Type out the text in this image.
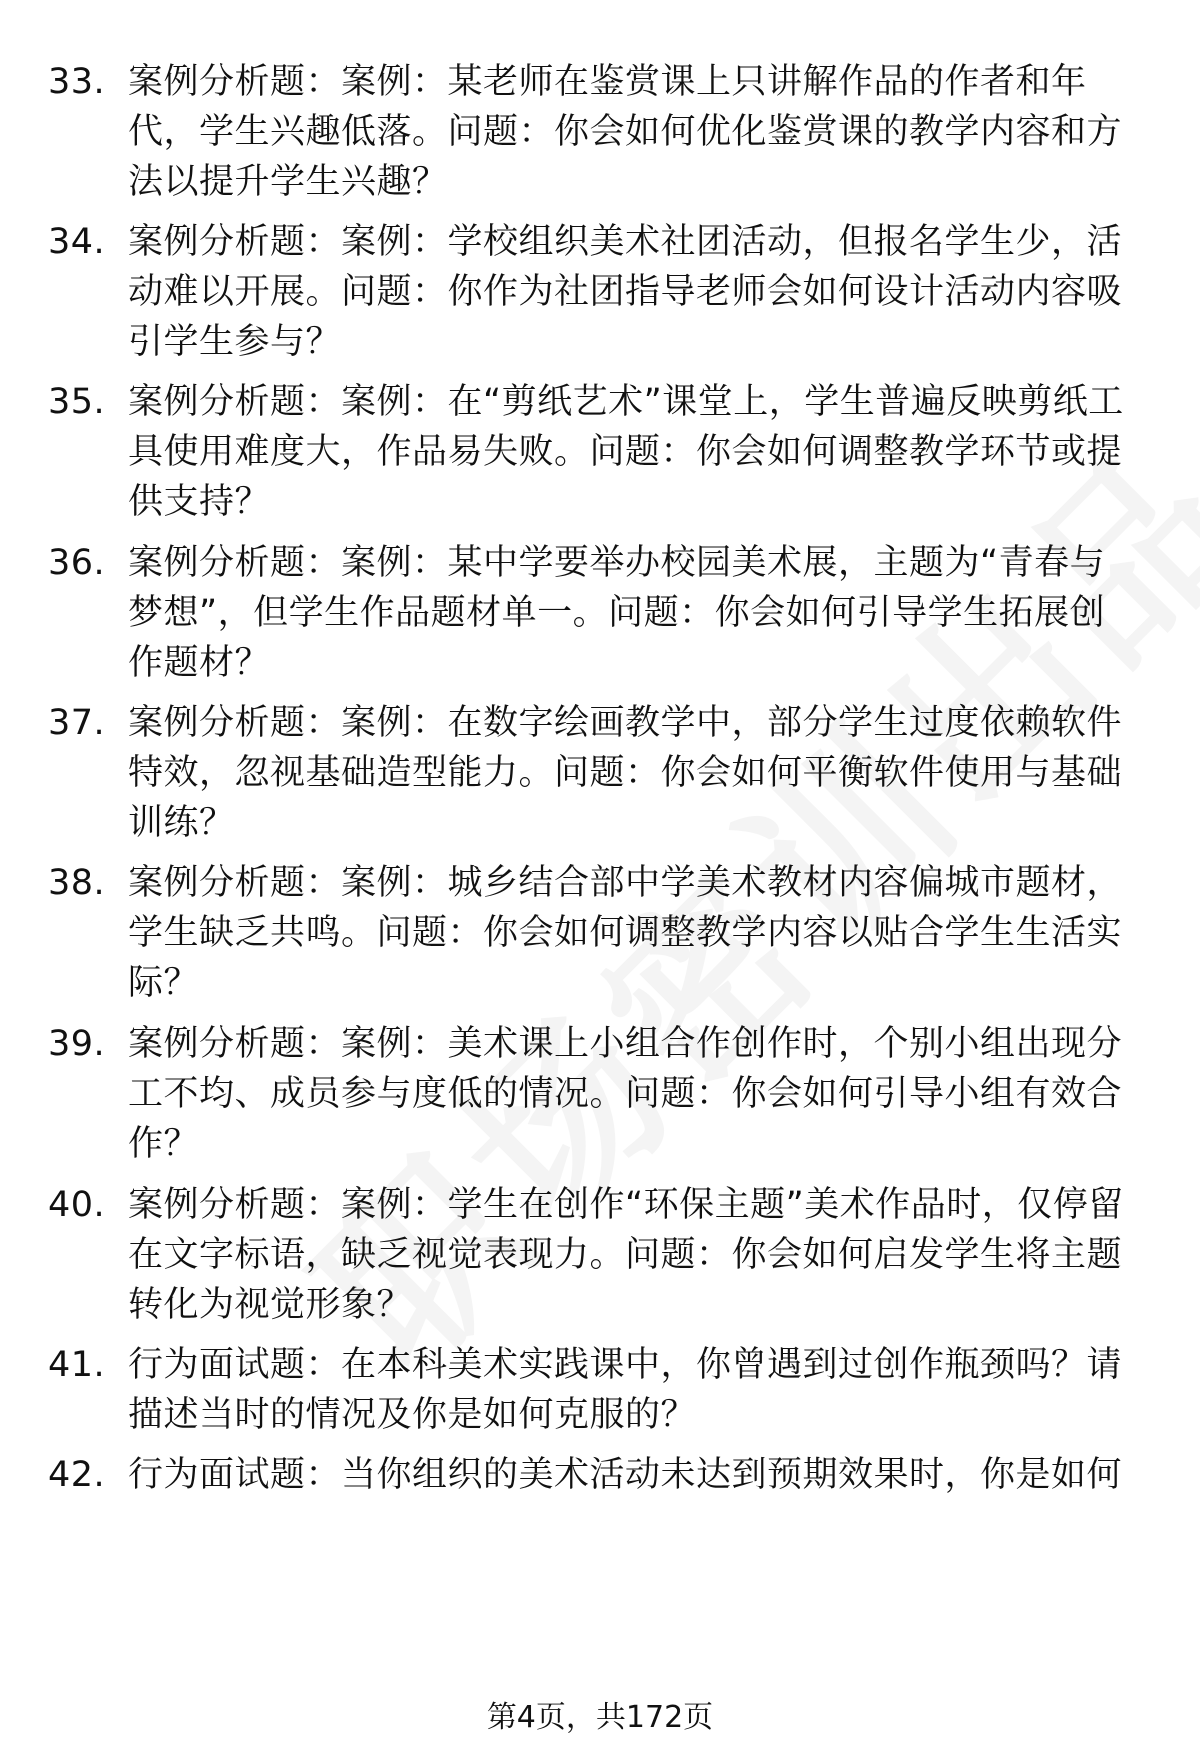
33. 案例分析题：案例：某老师在鉴赏课上只讲解作品的作者和年代，学生兴趣低落。问题：你会如何优化鉴赏课的教学内容和方法以提升学生兴趣？
34. 案例分析题：案例：学校组织美术社团活动，但报名学生少，活动难以开展。问题：你作为社团指导老师会如何设计活动内容吸引学生参与？
35. 案例分析题：案例：在“剪纸艺术”课堂上，学生普遍反映剪纸工具使用难度大，作品易失败。问题：你会如何调整教学环节或提供支持？
36. 案例分析题：案例：某中学要举办校园美术展，主题为“青春与梦想”，但学生作品题材单一。问题：你会如何引导学生拓展创作题材？
37. 案例分析题：案例：在数字绘画教学中，部分学生过度依赖软件特效，忽视基础造型能力。问题：你会如何平衡软件使用与基础训练？
38. 案例分析题：案例：城乡结合部中学美术教材内容偏城市题材，学生缺乏共鸣。问题：你会如何调整教学内容以贴合学生生活实际？
39. 案例分析题：案例：美术课上小组合作创作时，个别小组出现分工不均、成员参与度低的情况。问题：你会如何引导小组有效合作？
40. 案例分析题：案例：学生在创作“环保主题”美术作品时，仅停留在文字标语，缺乏视觉表现力。问题：你会如何启发学生将主题转化为视觉形象？
41. 行为面试题：在本科美术实践课中，你曾遇到过创作瓶颈吗？请描述当时的情况及你是如何克服的？
42. 行为面试题：当你组织的美术活动未达到预期效果时，你是如何
第4页，共172页
